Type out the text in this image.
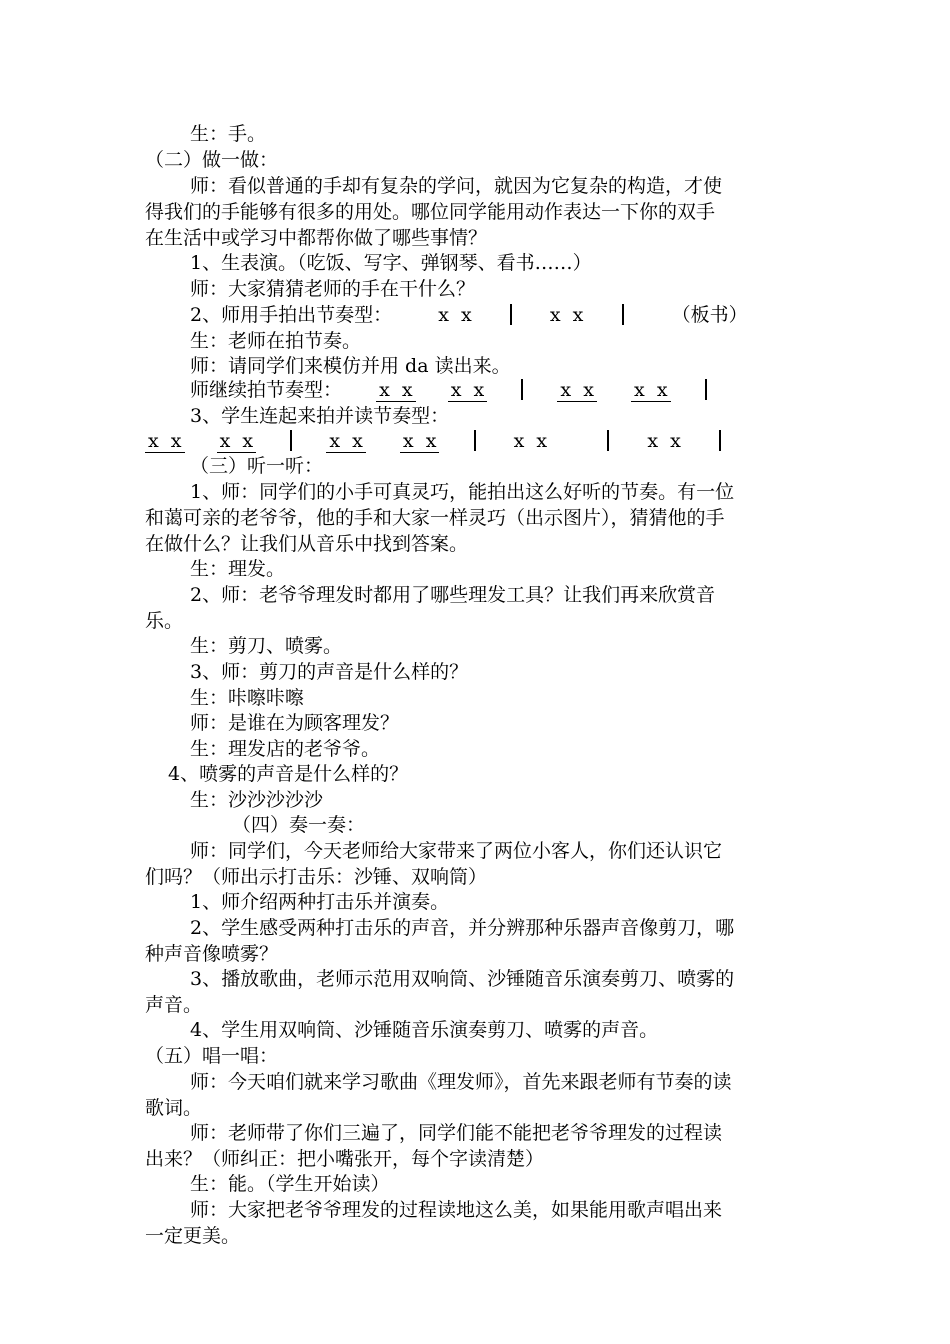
生：手。
（二）做一做：
师：看似普通的手却有复杂的学问，就因为它复杂的构造，才使
得我们的手能够有很多的用处。哪位同学能用动作表达一下你的双手
在生活中或学习中都帮你做了哪些事情？
1、生表演。（吃饭、写字、弹钢琴、看书……）
师：大家猜猜老师的手在干什么？
2、师用手拍出节奏型： x  x	x  x	（板书）
生：老师在拍节奏。
师：请同学们来模仿并用 da 读出来。
师继续拍节奏型： x  x x  x	x  x x  x
3、学生连起来拍并读节奏型：
x  x x  x	x  x x  x	x  x	x  x
（三）听一听：
1、师：同学们的小手可真灵巧，能拍出这么好听的节奏。有一位
和蔼可亲的老爷爷，他的手和大家一样灵巧（出示图片），猜猜他的手
在做什么？让我们从音乐中找到答案。
生：理发。
2、师：老爷爷理发时都用了哪些理发工具？让我们再来欣赏音
乐。
生：剪刀、喷雾。
3、师：剪刀的声音是什么样的？
生：咔嚓咔嚓
师：是谁在为顾客理发？
生：理发店的老爷爷。
4、喷雾的声音是什么样的？
生：沙沙沙沙沙
（四）奏一奏：
师：同学们，今天老师给大家带来了两位小客人，你们还认识它
们吗？（师出示打击乐：沙锤、双响筒）
1、师介绍两种打击乐并演奏。
2、学生感受两种打击乐的声音，并分辨那种乐器声音像剪刀，哪
种声音像喷雾？
3、播放歌曲，老师示范用双响筒、沙锤随音乐演奏剪刀、喷雾的
声音。
4、学生用双响筒、沙锤随音乐演奏剪刀、喷雾的声音。
（五）唱一唱：
师：今天咱们就来学习歌曲《理发师》，首先来跟老师有节奏的读
歌词。
师：老师带了你们三遍了，同学们能不能把老爷爷理发的过程读
出来？（师纠正：把小嘴张开，每个字读清楚）
生：能。（学生开始读）
师：大家把老爷爷理发的过程读地这么美，如果能用歌声唱出来
一定更美。
